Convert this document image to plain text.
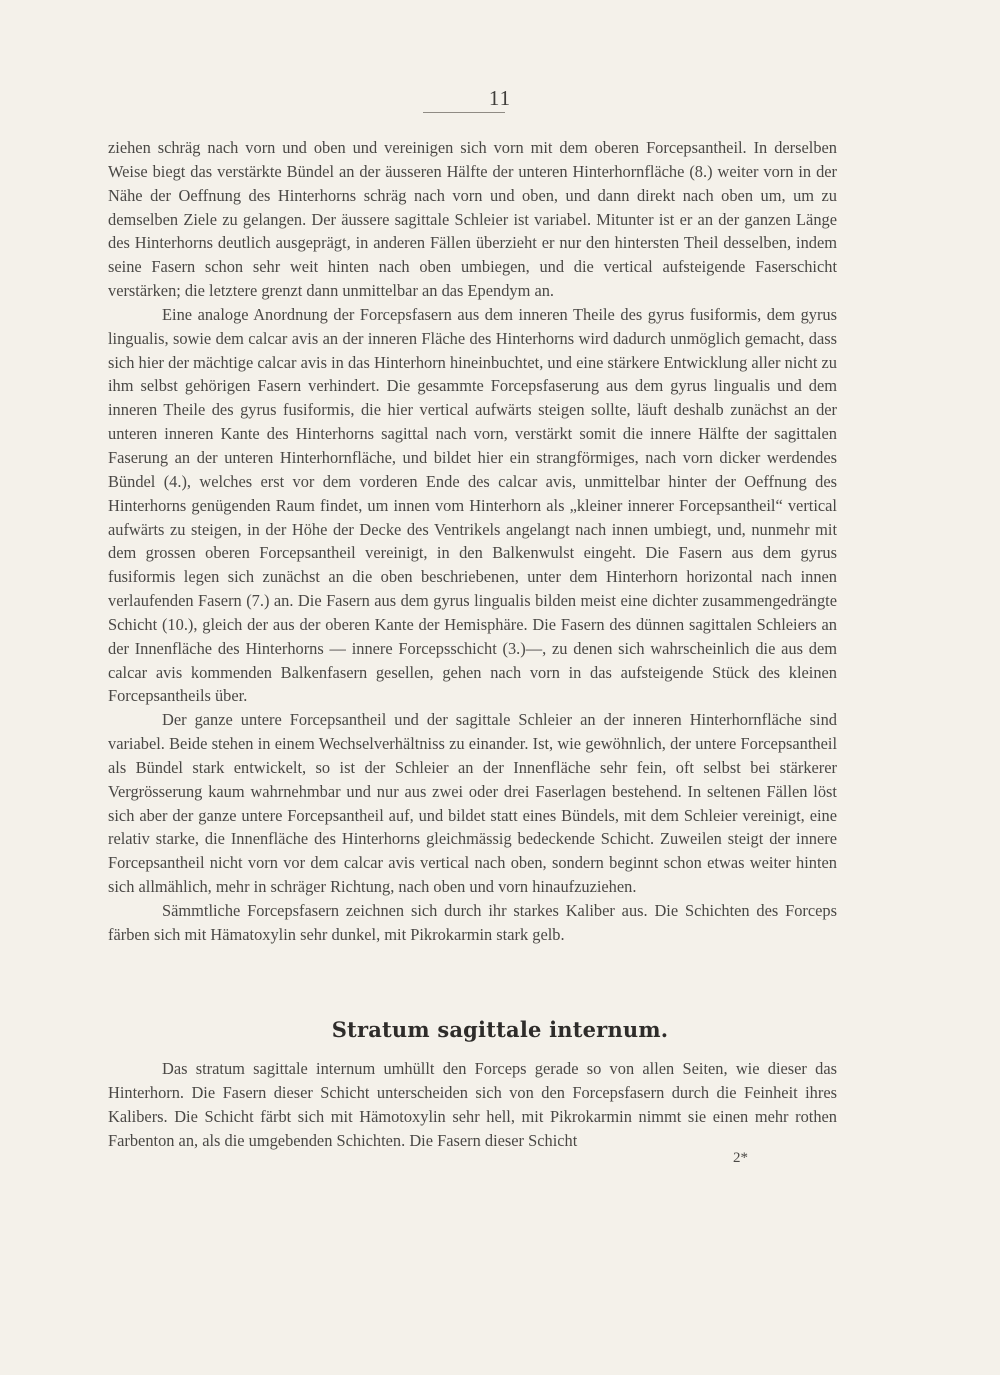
11

ziehen schräg nach vorn und oben und vereinigen sich vorn mit dem oberen Forcepsantheil. In derselben Weise biegt das verstärkte Bündel an der äusseren Hälfte der unteren Hinterhornfläche (8.) weiter vorn in der Nähe der Oeffnung des Hinterhorns schräg nach vorn und oben, und dann direkt nach oben um, um zu demselben Ziele zu gelangen. Der äussere sagittale Schleier ist variabel. Mitunter ist er an der ganzen Länge des Hinterhorns deutlich ausgeprägt, in anderen Fällen überzieht er nur den hintersten Theil desselben, indem seine Fasern schon sehr weit hinten nach oben umbiegen, und die vertical aufsteigende Faserschicht verstärken; die letztere grenzt dann unmittelbar an das Ependym an.

Eine analoge Anordnung der Forcepsfasern aus dem inneren Theile des gyrus fusiformis, dem gyrus lingualis, sowie dem calcar avis an der inneren Fläche des Hinterhorns wird dadurch unmöglich gemacht, dass sich hier der mächtige calcar avis in das Hinterhorn hineinbuchtet, und eine stärkere Entwicklung aller nicht zu ihm selbst gehörigen Fasern verhindert. Die gesammte Forcepsfaserung aus dem gyrus lingualis und dem inneren Theile des gyrus fusiformis, die hier vertical aufwärts steigen sollte, läuft deshalb zunächst an der unteren inneren Kante des Hinterhorns sagittal nach vorn, verstärkt somit die innere Hälfte der sagittalen Faserung an der unteren Hinterhornfläche, und bildet hier ein strangförmiges, nach vorn dicker werdendes Bündel (4.), welches erst vor dem vorderen Ende des calcar avis, unmittelbar hinter der Oeffnung des Hinterhorns genügenden Raum findet, um innen vom Hinterhorn als „kleiner innerer Forcepsantheil“ vertical aufwärts zu steigen, in der Höhe der Decke des Ventrikels angelangt nach innen umbiegt, und, nunmehr mit dem grossen oberen Forcepsantheil vereinigt, in den Balkenwulst eingeht. Die Fasern aus dem gyrus fusiformis legen sich zunächst an die oben beschriebenen, unter dem Hinterhorn horizontal nach innen verlaufenden Fasern (7.) an. Die Fasern aus dem gyrus lingualis bilden meist eine dichter zusammengedrängte Schicht (10.), gleich der aus der oberen Kante der Hemisphäre. Die Fasern des dünnen sagittalen Schleiers an der Innenfläche des Hinterhorns — innere Forcepsschicht (3.)—, zu denen sich wahrscheinlich die aus dem calcar avis kommenden Balkenfasern gesellen, gehen nach vorn in das aufsteigende Stück des kleinen Forcepsantheils über.

Der ganze untere Forcepsantheil und der sagittale Schleier an der inneren Hinterhornfläche sind variabel. Beide stehen in einem Wechselverhältniss zu einander. Ist, wie gewöhnlich, der untere Forcepsantheil als Bündel stark entwickelt, so ist der Schleier an der Innenfläche sehr fein, oft selbst bei stärkerer Vergrösserung kaum wahrnehmbar und nur aus zwei oder drei Faserlagen bestehend. In seltenen Fällen löst sich aber der ganze untere Forcepsantheil auf, und bildet statt eines Bündels, mit dem Schleier vereinigt, eine relativ starke, die Innenfläche des Hinterhorns gleichmässig bedeckende Schicht. Zuweilen steigt der innere Forcepsantheil nicht vorn vor dem calcar avis vertical nach oben, sondern beginnt schon etwas weiter hinten sich allmählich, mehr in schräger Richtung, nach oben und vorn hinaufzuziehen.

Sämmtliche Forcepsfasern zeichnen sich durch ihr starkes Kaliber aus. Die Schichten des Forceps färben sich mit Hämatoxylin sehr dunkel, mit Pikrokarmin stark gelb.

Stratum sagittale internum.

Das stratum sagittale internum umhüllt den Forceps gerade so von allen Seiten, wie dieser das Hinterhorn. Die Fasern dieser Schicht unterscheiden sich von den Forcepsfasern durch die Feinheit ihres Kalibers. Die Schicht färbt sich mit Hämotoxylin sehr hell, mit Pikrokarmin nimmt sie einen mehr rothen Farbenton an, als die umgebenden Schichten. Die Fasern dieser Schicht

2*
